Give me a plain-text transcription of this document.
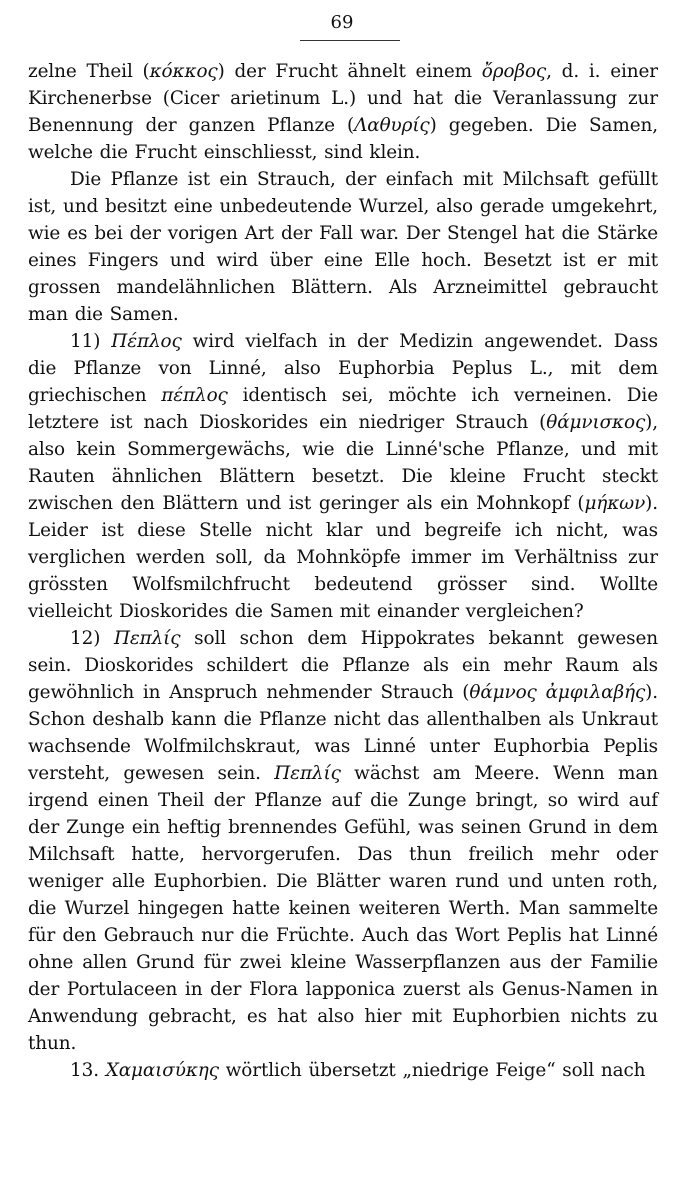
69

zelne Theil (κόκκος) der Frucht ähnelt einem ὄροβος, d. i. einer Kirchenerbse (Cicer arietinum L.) und hat die Veranlassung zur Benennung der ganzen Pflanze (Λαθυρίς) gegeben. Die Samen, welche die Frucht einschliesst, sind klein.

Die Pflanze ist ein Strauch, der einfach mit Milchsaft gefüllt ist, und besitzt eine unbedeutende Wurzel, also gerade umgekehrt, wie es bei der vorigen Art der Fall war. Der Stengel hat die Stärke eines Fingers und wird über eine Elle hoch. Besetzt ist er mit grossen mandelähnlichen Blättern. Als Arzneimittel gebraucht man die Samen.

11) Πέπλος wird vielfach in der Medizin angewendet. Dass die Pflanze von Linné, also Euphorbia Peplus L., mit dem griechischen πέπλος identisch sei, möchte ich verneinen. Die letztere ist nach Dioskorides ein niedriger Strauch (θάμνισκος), also kein Sommergewächs, wie die Linné'sche Pflanze, und mit Rauten ähnlichen Blättern besetzt. Die kleine Frucht steckt zwischen den Blättern und ist geringer als ein Mohnkopf (μήκων). Leider ist diese Stelle nicht klar und begreife ich nicht, was verglichen werden soll, da Mohnköpfe immer im Verhältniss zur grössten Wolfsmilchfrucht bedeutend grösser sind. Wollte vielleicht Dioskorides die Samen mit einander vergleichen?

12) Πεπλίς soll schon dem Hippokrates bekannt gewesen sein. Dioskorides schildert die Pflanze als ein mehr Raum als gewöhnlich in Anspruch nehmender Strauch (θάμνος ἀμφιλαβής). Schon deshalb kann die Pflanze nicht das allenthalben als Unkraut wachsende Wolfmilchskraut, was Linné unter Euphorbia Peplis versteht, gewesen sein. Πεπλίς wächst am Meere. Wenn man irgend einen Theil der Pflanze auf die Zunge bringt, so wird auf der Zunge ein heftig brennendes Gefühl, was seinen Grund in dem Milchsaft hatte, hervorgerufen. Das thun freilich mehr oder weniger alle Euphorbien. Die Blätter waren rund und unten roth, die Wurzel hingegen hatte keinen weiteren Werth. Man sammelte für den Gebrauch nur die Früchte. Auch das Wort Peplis hat Linné ohne allen Grund für zwei kleine Wasserpflanzen aus der Familie der Portulaceen in der Flora lapponica zuerst als Genus-Namen in Anwendung gebracht, es hat also hier mit Euphorbien nichts zu thun.

13. Χαμαισύκης wörtlich übersetzt „niedrige Feige“ soll nach
